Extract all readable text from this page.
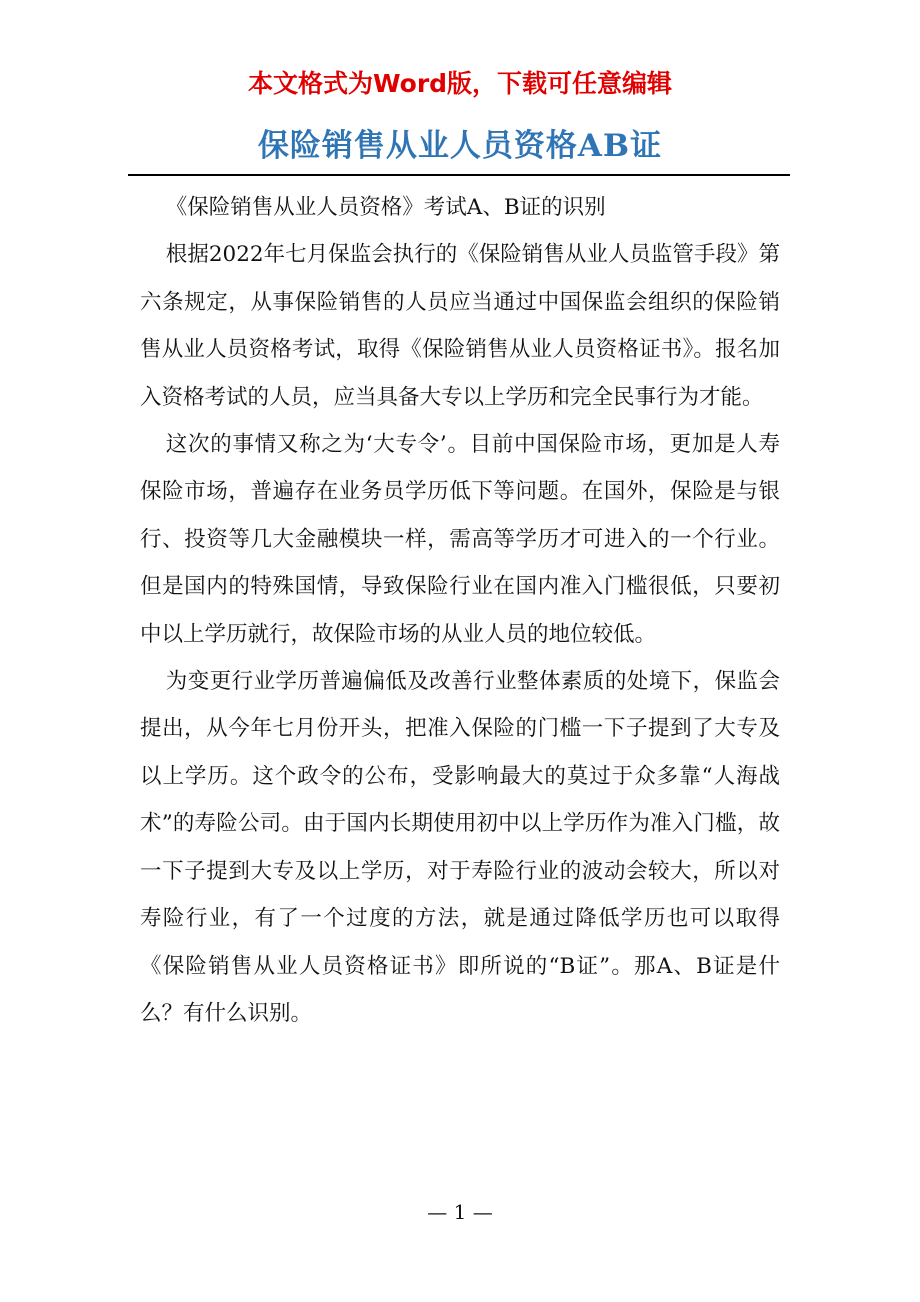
本文格式为Word版，下载可任意编辑
保险销售从业人员资格AB证

《保险销售从业人员资格》考试A、B证的识别

根据2022年七月保监会执行的《保险销售从业人员监管手段》第六条规定，从事保险销售的人员应当通过中国保监会组织的保险销售从业人员资格考试，取得《保险销售从业人员资格证书》。报名加入资格考试的人员，应当具备大专以上学历和完全民事行为才能。

这次的事情又称之为‘大专令’。目前中国保险市场，更加是人寿保险市场，普遍存在业务员学历低下等问题。在国外，保险是与银行、投资等几大金融模块一样，需高等学历才可进入的一个行业。但是国内的特殊国情，导致保险行业在国内准入门槛很低，只要初中以上学历就行，故保险市场的从业人员的地位较低。

为变更行业学历普遍偏低及改善行业整体素质的处境下，保监会提出，从今年七月份开头，把准入保险的门槛一下子提到了大专及以上学历。这个政令的公布，受影响最大的莫过于众多靠“人海战术”的寿险公司。由于国内长期使用初中以上学历作为准入门槛，故一下子提到大专及以上学历，对于寿险行业的波动会较大，所以对寿险行业，有了一个过度的方法，就是通过降低学历也可以取得《保险销售从业人员资格证书》即所说的“B证”。那A、B证是什么？有什么识别。

— 1 —
